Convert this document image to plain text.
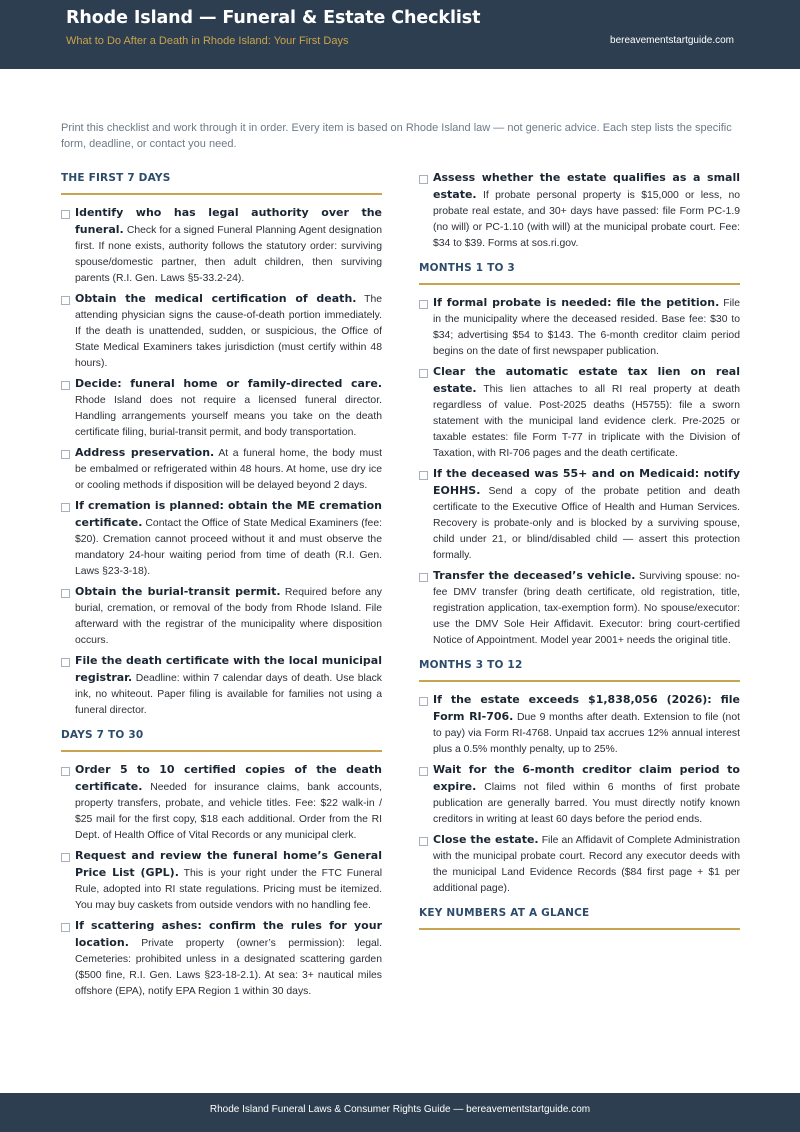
Rhode Island — Funeral & Estate Checklist
What to Do After a Death in Rhode Island: Your First Days	bereavementstartguide.com
Print this checklist and work through it in order. Every item is based on Rhode Island law — not generic advice. Each step lists the specific form, deadline, or contact you need.
THE FIRST 7 DAYS
Identify who has legal authority over the funeral. Check for a signed Funeral Planning Agent designation first. If none exists, authority follows the statutory order: surviving spouse/domestic partner, then adult children, then surviving parents (R.I. Gen. Laws §5-33.2-24).
Obtain the medical certification of death. The attending physician signs the cause-of-death portion immediately. If the death is unattended, sudden, or suspicious, the Office of State Medical Examiners takes jurisdiction (must certify within 48 hours).
Decide: funeral home or family-directed care. Rhode Island does not require a licensed funeral director. Handling arrangements yourself means you take on the death certificate filing, burial-transit permit, and body transportation.
Address preservation. At a funeral home, the body must be embalmed or refrigerated within 48 hours. At home, use dry ice or cooling methods if disposition will be delayed beyond 2 days.
If cremation is planned: obtain the ME cremation certificate. Contact the Office of State Medical Examiners (fee: $20). Cremation cannot proceed without it and must observe the mandatory 24-hour waiting period from time of death (R.I. Gen. Laws §23-3-18).
Obtain the burial-transit permit. Required before any burial, cremation, or removal of the body from Rhode Island. File afterward with the registrar of the municipality where disposition occurs.
File the death certificate with the local municipal registrar. Deadline: within 7 calendar days of death. Use black ink, no whiteout. Paper filing is available for families not using a funeral director.
DAYS 7 TO 30
Order 5 to 10 certified copies of the death certificate. Needed for insurance claims, bank accounts, property transfers, probate, and vehicle titles. Fee: $22 walk-in / $25 mail for the first copy, $18 each additional. Order from the RI Dept. of Health Office of Vital Records or any municipal clerk.
Request and review the funeral home’s General Price List (GPL). This is your right under the FTC Funeral Rule, adopted into RI state regulations. Pricing must be itemized. You may buy caskets from outside vendors with no handling fee.
If scattering ashes: confirm the rules for your location. Private property (owner’s permission): legal. Cemeteries: prohibited unless in a designated scattering garden ($500 fine, R.I. Gen. Laws §23-18-2.1). At sea: 3+ nautical miles offshore (EPA), notify EPA Region 1 within 30 days.
Assess whether the estate qualifies as a small estate. If probate personal property is $15,000 or less, no probate real estate, and 30+ days have passed: file Form PC-1.9 (no will) or PC-1.10 (with will) at the municipal probate court. Fee: $34 to $39. Forms at sos.ri.gov.
MONTHS 1 TO 3
If formal probate is needed: file the petition. File in the municipality where the deceased resided. Base fee: $30 to $34; advertising $54 to $143. The 6-month creditor claim period begins on the date of first newspaper publication.
Clear the automatic estate tax lien on real estate. This lien attaches to all RI real property at death regardless of value. Post-2025 deaths (H5755): file a sworn statement with the municipal land evidence clerk. Pre-2025 or taxable estates: file Form T-77 in triplicate with the Division of Taxation, with RI-706 pages and the death certificate.
If the deceased was 55+ and on Medicaid: notify EOHHS. Send a copy of the probate petition and death certificate to the Executive Office of Health and Human Services. Recovery is probate-only and is blocked by a surviving spouse, child under 21, or blind/disabled child — assert this protection formally.
Transfer the deceased’s vehicle. Surviving spouse: no-fee DMV transfer (bring death certificate, old registration, title, registration application, tax-exemption form). No spouse/executor: use the DMV Sole Heir Affidavit. Executor: bring court-certified Notice of Appointment. Model year 2001+ needs the original title.
MONTHS 3 TO 12
If the estate exceeds $1,838,056 (2026): file Form RI-706. Due 9 months after death. Extension to file (not to pay) via Form RI-4768. Unpaid tax accrues 12% annual interest plus a 0.5% monthly penalty, up to 25%.
Wait for the 6-month creditor claim period to expire. Claims not filed within 6 months of first probate publication are generally barred. You must directly notify known creditors in writing at least 60 days before the period ends.
Close the estate. File an Affidavit of Complete Administration with the municipal probate court. Record any executor deeds with the municipal Land Evidence Records ($84 first page + $1 per additional page).
KEY NUMBERS AT A GLANCE
Rhode Island Funeral Laws & Consumer Rights Guide — bereavementstartguide.com
